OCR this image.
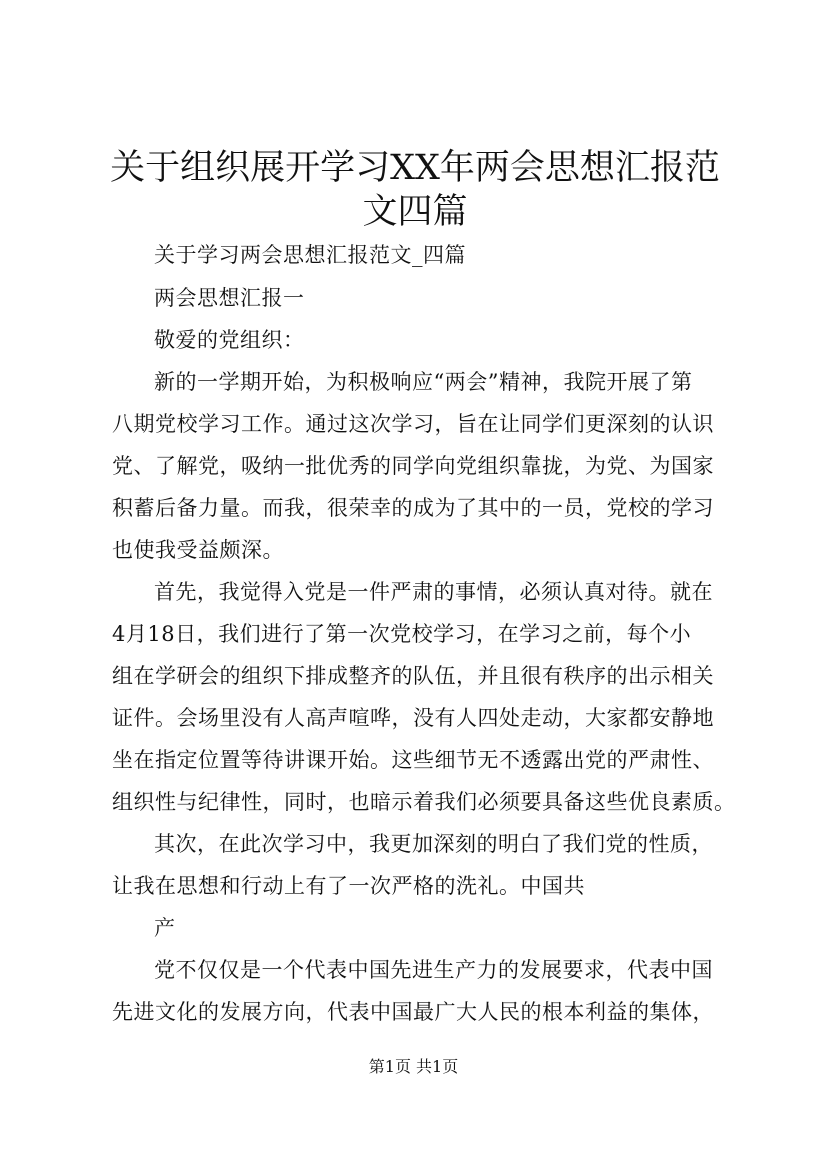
关于组织展开学习XX年两会思想汇报范文四篇
关于学习两会思想汇报范文_四篇
两会思想汇报一
敬爱的党组织：
新的一学期开始，为积极响应“两会”精神，我院开展了第
八期党校学习工作。通过这次学习，旨在让同学们更深刻的认识
党、了解党，吸纳一批优秀的同学向党组织靠拢，为党、为国家
积蓄后备力量。而我，很荣幸的成为了其中的一员，党校的学习
也使我受益颇深。
首先，我觉得入党是一件严肃的事情，必须认真对待。就在
4月18日，我们进行了第一次党校学习，在学习之前，每个小
组在学研会的组织下排成整齐的队伍，并且很有秩序的出示相关
证件。会场里没有人高声喧哗，没有人四处走动，大家都安静地
坐在指定位置等待讲课开始。这些细节无不透露出党的严肃性、
组织性与纪律性，同时，也暗示着我们必须要具备这些优良素质。
其次，在此次学习中，我更加深刻的明白了我们党的性质，
让我在思想和行动上有了一次严格的洗礼。中国共
产
党不仅仅是一个代表中国先进生产力的发展要求，代表中国
先进文化的发展方向，代表中国最广大人民的根本利益的集体，
第1页 共1页
